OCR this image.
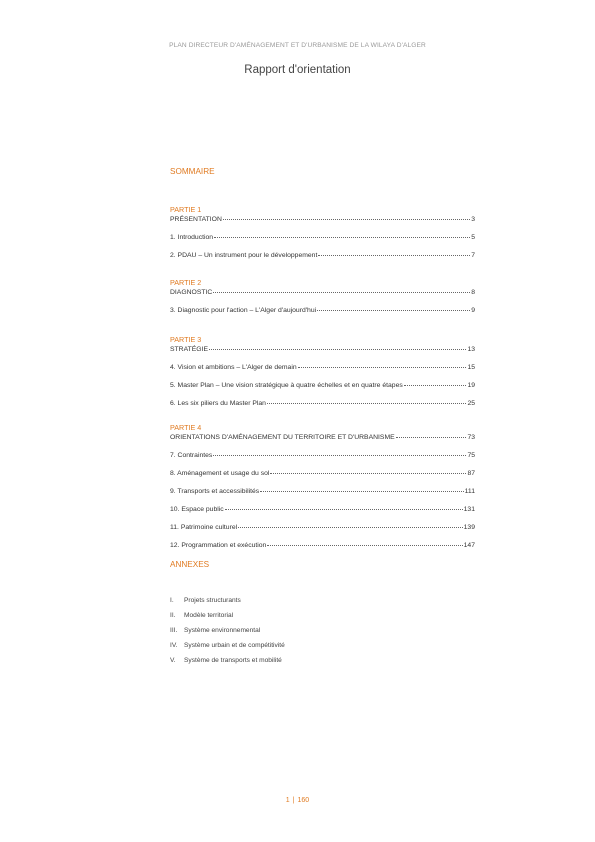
PLAN DIRECTEUR D'AMÉNAGEMENT ET D'URBANISME DE LA WILAYA D'ALGER
Rapport d'orientation
SOMMAIRE
PARTIE 1
PRÉSENTATION	3
1. Introduction	5
2. PDAU – Un instrument pour le développement	7
PARTIE 2
DIAGNOSTIC	8
3. Diagnostic pour l'action – L'Alger d'aujourd'hui	9
PARTIE 3
STRATÉGIE	13
4. Vision et ambitions – L'Alger de demain	15
5. Master Plan – Une vision stratégique à quatre échelles et en quatre étapes	19
6. Les six piliers du Master Plan	25
PARTIE 4
ORIENTATIONS D'AMÉNAGEMENT DU TERRITOIRE ET D'URBANISME	73
7. Contraintes	75
8. Aménagement et usage du sol	87
9. Transports et accessibilités	111
10. Espace public	131
11. Patrimoine culturel	139
12. Programmation et exécution	147
ANNEXES
I.	Projets structurants
II.	Modèle territorial
III.	Système environnemental
IV. Système urbain et de compétitivité
V.	Système de transports et mobilité
1 | 160
